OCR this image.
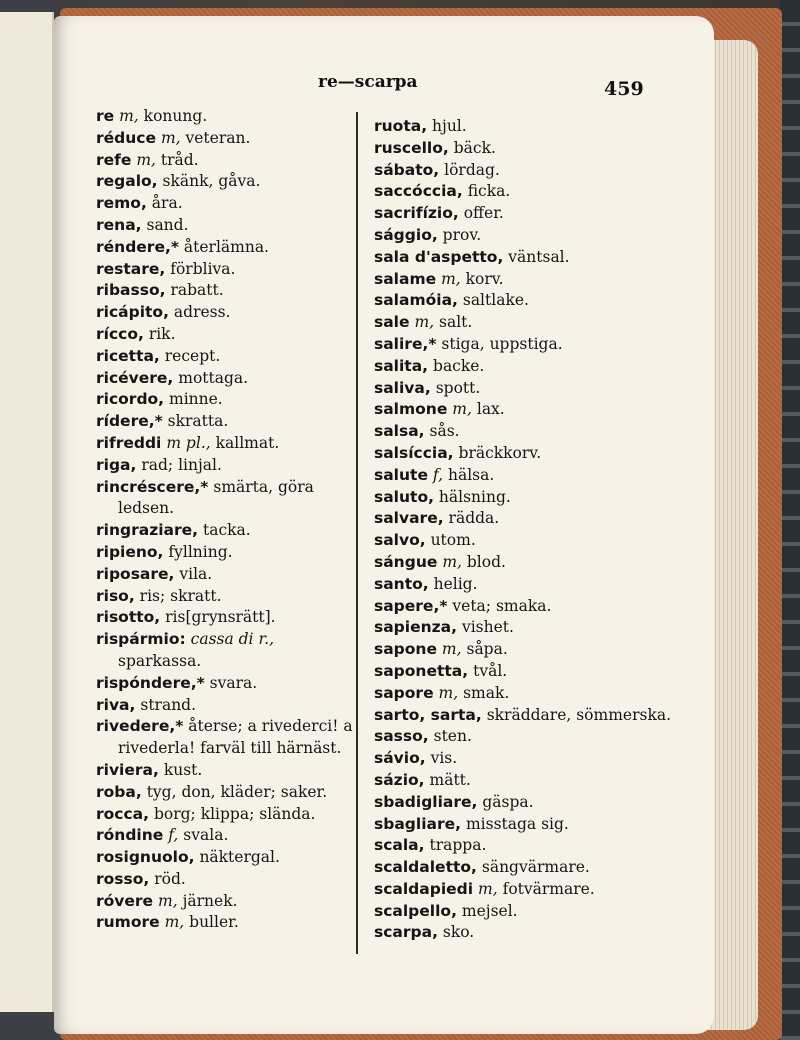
re—scarpa	459
re m, konung.
réduce m, veteran.
refe m, tråd.
regalo, skänk, gåva.
remo, åra.
rena, sand.
réndere,* återlämna.
restare, förbliva.
ribasso, rabatt.
ricápito, adress.
rícco, rik.
ricetta, recept.
ricévere, mottaga.
ricordo, minne.
rídere,* skratta.
rifreddi m pl., kallmat.
riga, rad; linjal.
rincréscere,* smärta, göra ledsen.
ringraziare, tacka.
ripieno, fyllning.
riposare, vila.
riso, ris; skratt.
risotto, ris[grynsrätt].
rispármio: cassa di r., sparkassa.
rispóndere,* svara.
riva, strand.
rivedere,* återse; a rivederci! a rivederla! farväl till härnäst.
riviera, kust.
roba, tyg, don, kläder; saker.
rocca, borg; klippa; slända.
róndine f, svala.
rosignuolo, näktergal.
rosso, röd.
róvere m, järnek.
rumore m, buller.
ruota, hjul.
ruscello, bäck.
sábato, lördag.
saccóccia, ficka.
sacrifízio, offer.
sággio, prov.
sala d'aspetto, väntsal.
salame m, korv.
salamóia, saltlake.
sale m, salt.
salire,* stiga, uppstiga.
salita, backe.
saliva, spott.
salmone m, lax.
salsa, sås.
salsíccia, bräckkorv.
salute f, hälsa.
saluto, hälsning.
salvare, rädda.
salvo, utom.
sángue m, blod.
santo, helig.
sapere,* veta; smaka.
sapienza, vishet.
sapone m, såpa.
saponetta, tvål.
sapore m, smak.
sarto, sarta, skräddare, sömmerska.
sasso, sten.
sávio, vis.
sázio, mätt.
sbadigliare, gäspa.
sbagliare, misstaga sig.
scala, trappa.
scaldaletto, sängvärmare.
scaldapiedi m, fotvärmare.
scalpello, mejsel.
scarpa, sko.
